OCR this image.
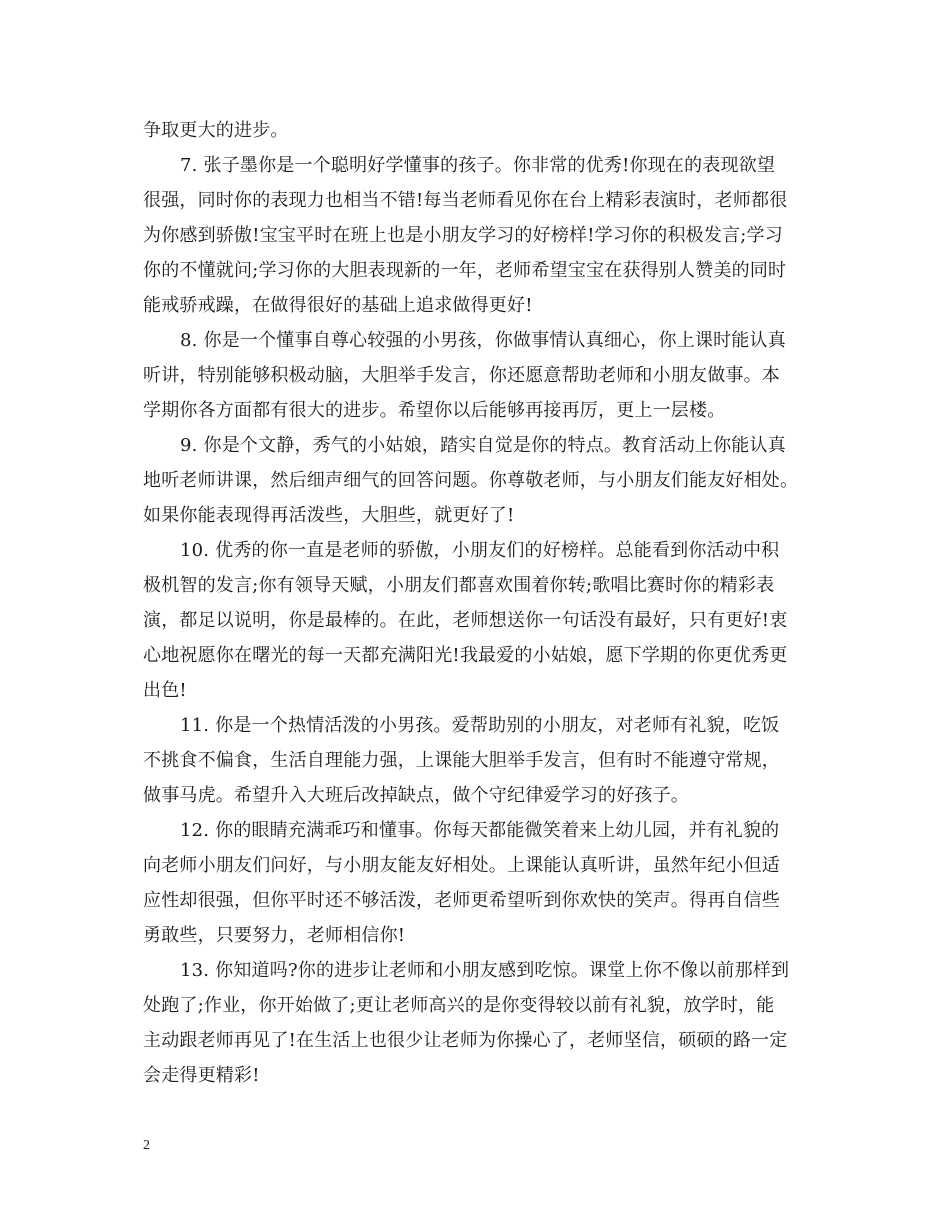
争取更大的进步。
7. 张子墨你是一个聪明好学懂事的孩子。你非常的优秀!你现在的表现欲望
很强，同时你的表现力也相当不错!每当老师看见你在台上精彩表演时，老师都很
为你感到骄傲!宝宝平时在班上也是小朋友学习的好榜样!学习你的积极发言;学习
你的不懂就问;学习你的大胆表现新的一年，老师希望宝宝在获得别人赞美的同时
能戒骄戒躁，在做得很好的基础上追求做得更好!
8. 你是一个懂事自尊心较强的小男孩，你做事情认真细心，你上课时能认真
听讲，特别能够积极动脑，大胆举手发言，你还愿意帮助老师和小朋友做事。本
学期你各方面都有很大的进步。希望你以后能够再接再厉，更上一层楼。
9. 你是个文静，秀气的小姑娘，踏实自觉是你的特点。教育活动上你能认真
地听老师讲课，然后细声细气的回答问题。你尊敬老师，与小朋友们能友好相处。
如果你能表现得再活泼些，大胆些，就更好了!
10. 优秀的你一直是老师的骄傲，小朋友们的好榜样。总能看到你活动中积
极机智的发言;你有领导天赋，小朋友们都喜欢围着你转;歌唱比赛时你的精彩表
演，都足以说明，你是最棒的。在此，老师想送你一句话没有最好，只有更好!衷
心地祝愿你在曙光的每一天都充满阳光!我最爱的小姑娘，愿下学期的你更优秀更
出色!
11. 你是一个热情活泼的小男孩。爱帮助别的小朋友，对老师有礼貌，吃饭
不挑食不偏食，生活自理能力强，上课能大胆举手发言，但有时不能遵守常规，
做事马虎。希望升入大班后改掉缺点，做个守纪律爱学习的好孩子。
12. 你的眼睛充满乖巧和懂事。你每天都能微笑着来上幼儿园，并有礼貌的
向老师小朋友们问好，与小朋友能友好相处。上课能认真听讲，虽然年纪小但适
应性却很强，但你平时还不够活泼，老师更希望听到你欢快的笑声。得再自信些
勇敢些，只要努力，老师相信你!
13. 你知道吗?你的进步让老师和小朋友感到吃惊。课堂上你不像以前那样到
处跑了;作业，你开始做了;更让老师高兴的是你变得较以前有礼貌，放学时，能
主动跟老师再见了!在生活上也很少让老师为你操心了，老师坚信，硕硕的路一定
会走得更精彩!
2
